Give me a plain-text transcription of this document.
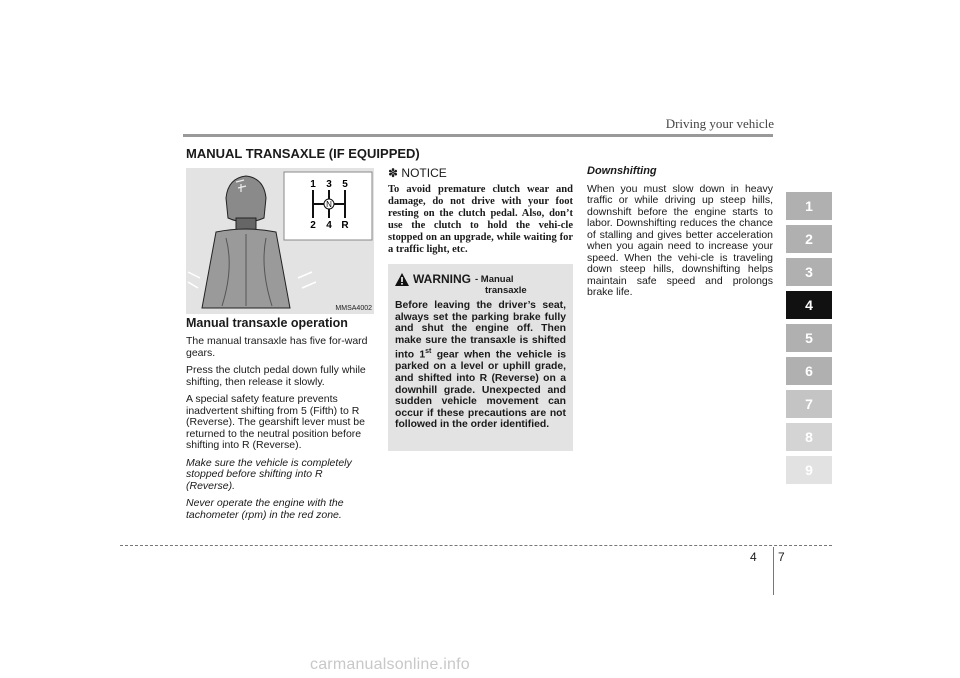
Driving your vehicle
MANUAL TRANSAXLE (IF EQUIPPED)
N
1 3 5
2 4 R
MMSA4002
Manual transaxle operation

The manual transaxle has five for-ward gears.

Press the clutch pedal down fully while shifting, then release it slowly.

A special safety feature prevents inadvertent shifting from 5 (Fifth) to R (Reverse). The gearshift lever must be returned to the neutral position before shifting into R (Reverse).

Make sure the vehicle is completely stopped before shifting into R (Reverse).

Never operate the engine with the tachometer (rpm) in the red zone.

✽ NOTICE
To avoid premature clutch wear and damage, do not drive with your foot resting on the clutch pedal. Also, don’t use the clutch to hold the vehi-cle stopped on an upgrade, while waiting for a traffic light, etc.
WARNING - Manual
transaxle
Before leaving the driver’s seat, always set the parking brake fully and shut the engine off. Then make sure the transaxle is shifted into 1st gear when the vehicle is parked on a level or uphill grade, and shifted into R (Reverse) on a downhill grade. Unexpected and sudden vehicle movement can occur if these precautions are not followed in the order identified.
Downshifting

When you must slow down in heavy traffic or while driving up steep hills, downshift before the engine starts to labor. Downshifting reduces the chance of stalling and gives better acceleration when you again need to increase your speed. When the vehi-cle is traveling down steep hills, downshifting helps maintain safe speed and prolongs brake life.

1
2
3
4
5
6
7
8
9
4 7
carmanualsonline.info
